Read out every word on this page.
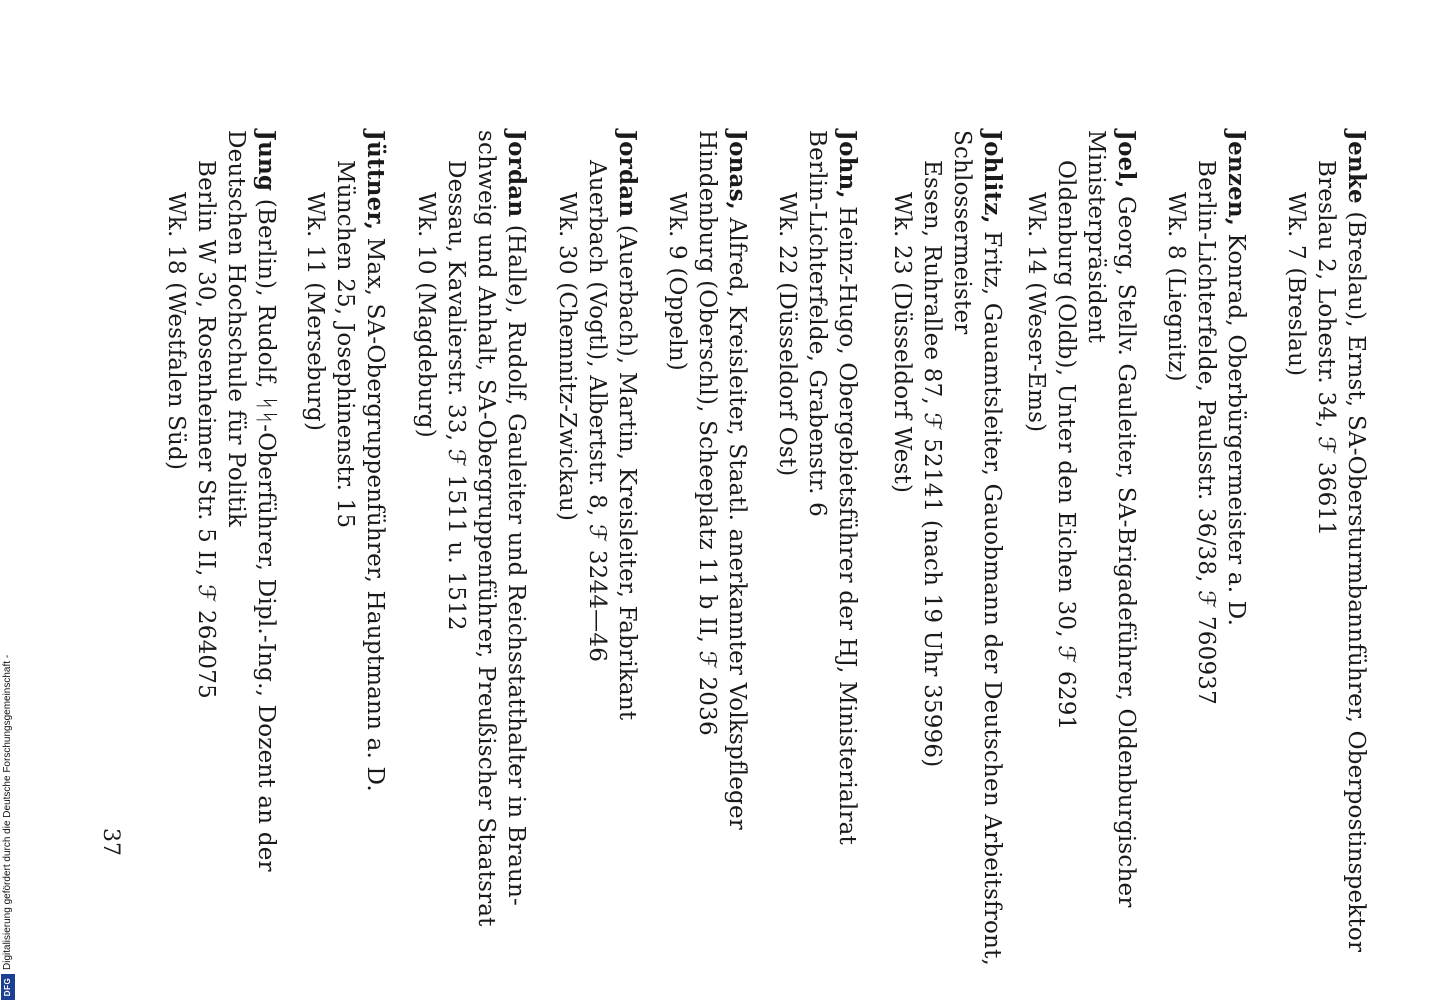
Jenke (Breslau), Ernst, SA-Obersturmbannführer, Oberpostinspektor
Breslau 2, Lohestr. 34, ℱ 36611
Wk. 7 (Breslau)
Jenzen, Konrad, Oberbürgermeister a. D.
Berlin-Lichterfelde, Paulsstr. 36/38, ℱ 760937
Wk. 8 (Liegnitz)
Joel, Georg, Stellv. Gauleiter, SA-Brigadeführer, Oldenburgischer
Ministerpräsident
Oldenburg (Oldb), Unter den Eichen 30, ℱ 6291
Wk. 14 (Weser-Ems)
Johlitz, Fritz, Gauamtsleiter, Gauobmann der Deutschen Arbeitsfront,
Schlossermeister
Essen, Ruhrallee 87, ℱ 52141 (nach 19 Uhr 35996)
Wk. 23 (Düsseldorf West)
John, Heinz-Hugo, Obergebietsführer der HJ, Ministerialrat
Berlin-Lichterfelde, Grabenstr. 6
Wk. 22 (Düsseldorf Ost)
Jonas, Alfred, Kreisleiter, Staatl. anerkannter Volkspfleger
Hindenburg (Oberschl), Scheeplatz 11 b II, ℱ 2036
Wk. 9 (Oppeln)
Jordan (Auerbach), Martin, Kreisleiter, Fabrikant
Auerbach (Vogtl), Albertstr. 8, ℱ 3244—46
Wk. 30 (Chemnitz-Zwickau)
Jordan (Halle), Rudolf, Gauleiter und Reichsstatthalter in Braun-
schweig und Anhalt, SA-Obergruppenführer, Preußischer Staatsrat
Dessau, Kavalierstr. 33, ℱ 1511 u. 1512
Wk. 10 (Magdeburg)
Jüttner, Max, SA-Obergruppenführer, Hauptmann a. D.
München 25, Josephinenstr. 15
Wk. 11 (Merseburg)
Jung (Berlin), Rudolf, ᛋᛋ-Oberführer, Dipl.-Ing., Dozent an der
Deutschen Hochschule für Politik
Berlin W 30, Rosenheimer Str. 5 II, ℱ 264075
Wk. 18 (Westfalen Süd)
37
DFG
Digitalisierung gefördert durch die Deutsche Forschungsgemeinschaft -
